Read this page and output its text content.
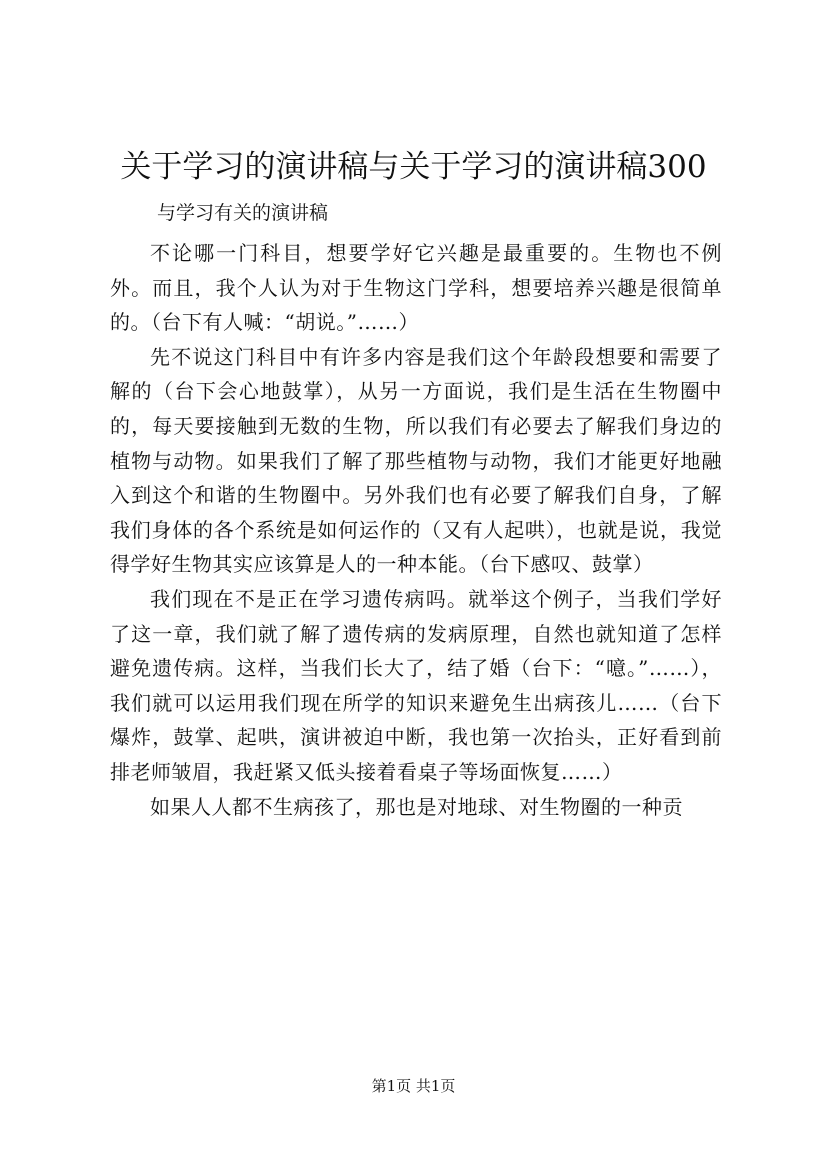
关于学习的演讲稿与关于学习的演讲稿300
与学习有关的演讲稿

不论哪一门科目，想要学好它兴趣是最重要的。生物也不例外。而且，我个人认为对于生物这门学科，想要培养兴趣是很简单的。（台下有人喊：“胡说。”……）

先不说这门科目中有许多内容是我们这个年龄段想要和需要了解的（台下会心地鼓掌），从另一方面说，我们是生活在生物圈中的，每天要接触到无数的生物，所以我们有必要去了解我们身边的植物与动物。如果我们了解了那些植物与动物，我们才能更好地融入到这个和谐的生物圈中。另外我们也有必要了解我们自身，了解我们身体的各个系统是如何运作的（又有人起哄），也就是说，我觉得学好生物其实应该算是人的一种本能。（台下感叹、鼓掌）

我们现在不是正在学习遗传病吗。就举这个例子，当我们学好了这一章，我们就了解了遗传病的发病原理，自然也就知道了怎样避免遗传病。这样，当我们长大了，结了婚（台下：“噫。”……），我们就可以运用我们现在所学的知识来避免生出病孩儿……（台下爆炸，鼓掌、起哄，演讲被迫中断，我也第一次抬头，正好看到前排老师皱眉，我赶紧又低头接着看桌子等场面恢复……）

如果人人都不生病孩了，那也是对地球、对生物圈的一种贡

第1页 共1页
